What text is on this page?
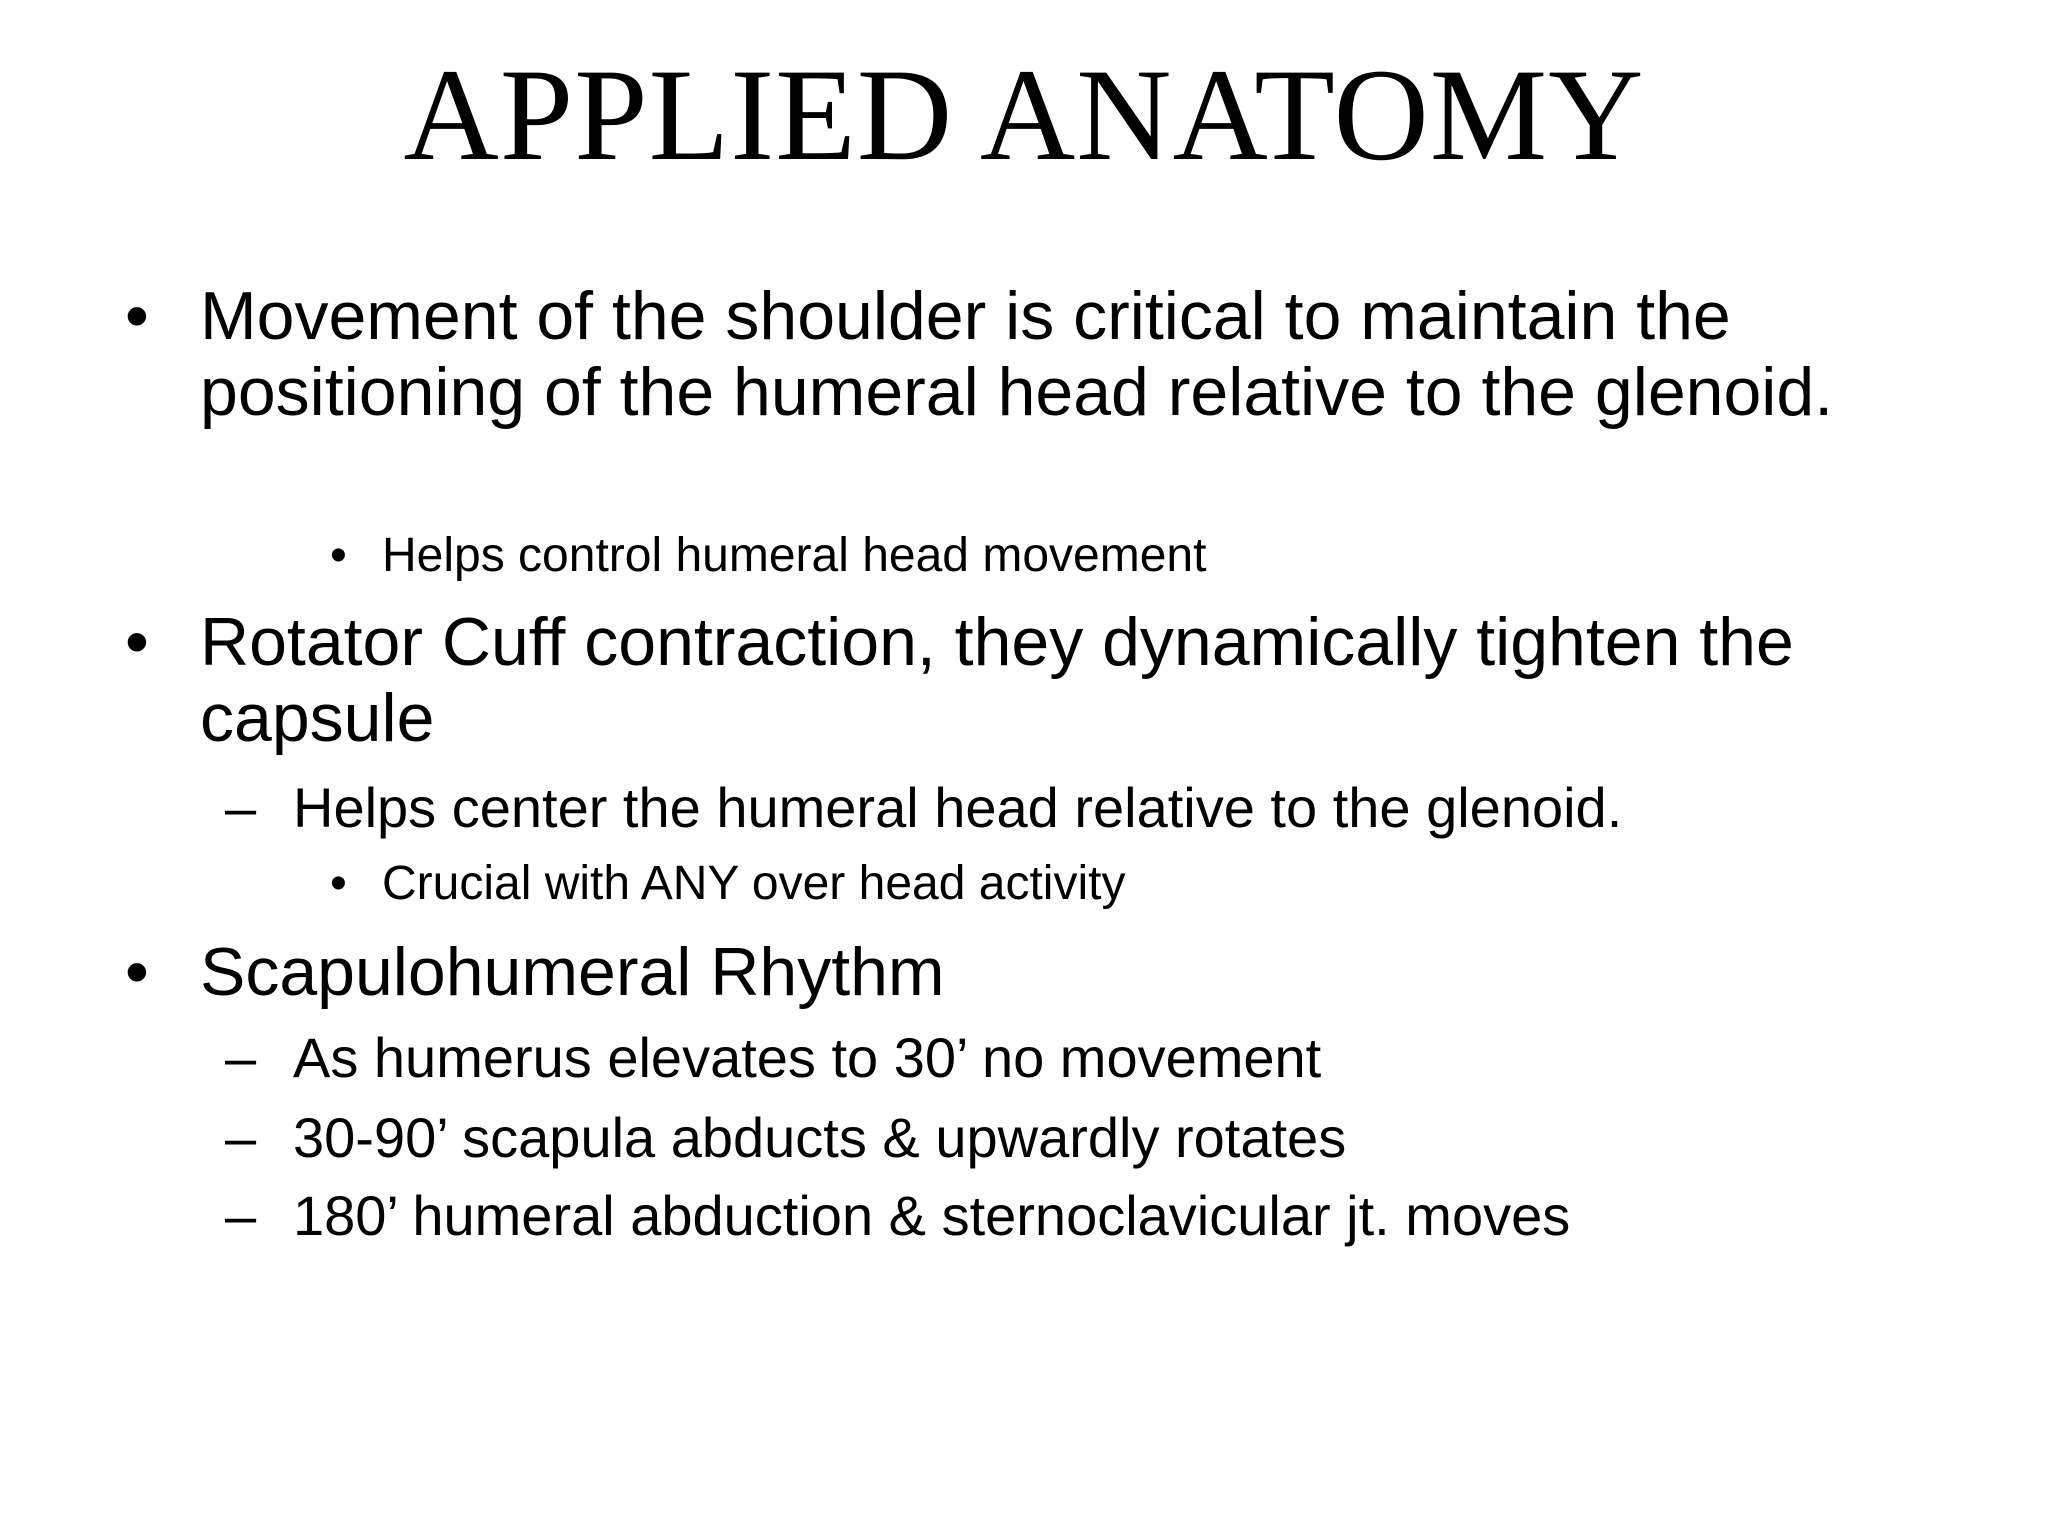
APPLIED ANATOMY
• Movement of the shoulder is critical to maintain the positioning of the humeral head relative to the glenoid.
• Helps control humeral head movement
• Rotator Cuff contraction, they dynamically tighten the capsule
– Helps center the humeral head relative to the glenoid.
• Crucial with ANY over head activity
• Scapulohumeral Rhythm
– As humerus elevates to 30’ no movement
– 30-90’ scapula abducts & upwardly rotates
– 180’ humeral abduction & sternoclavicular jt. moves
